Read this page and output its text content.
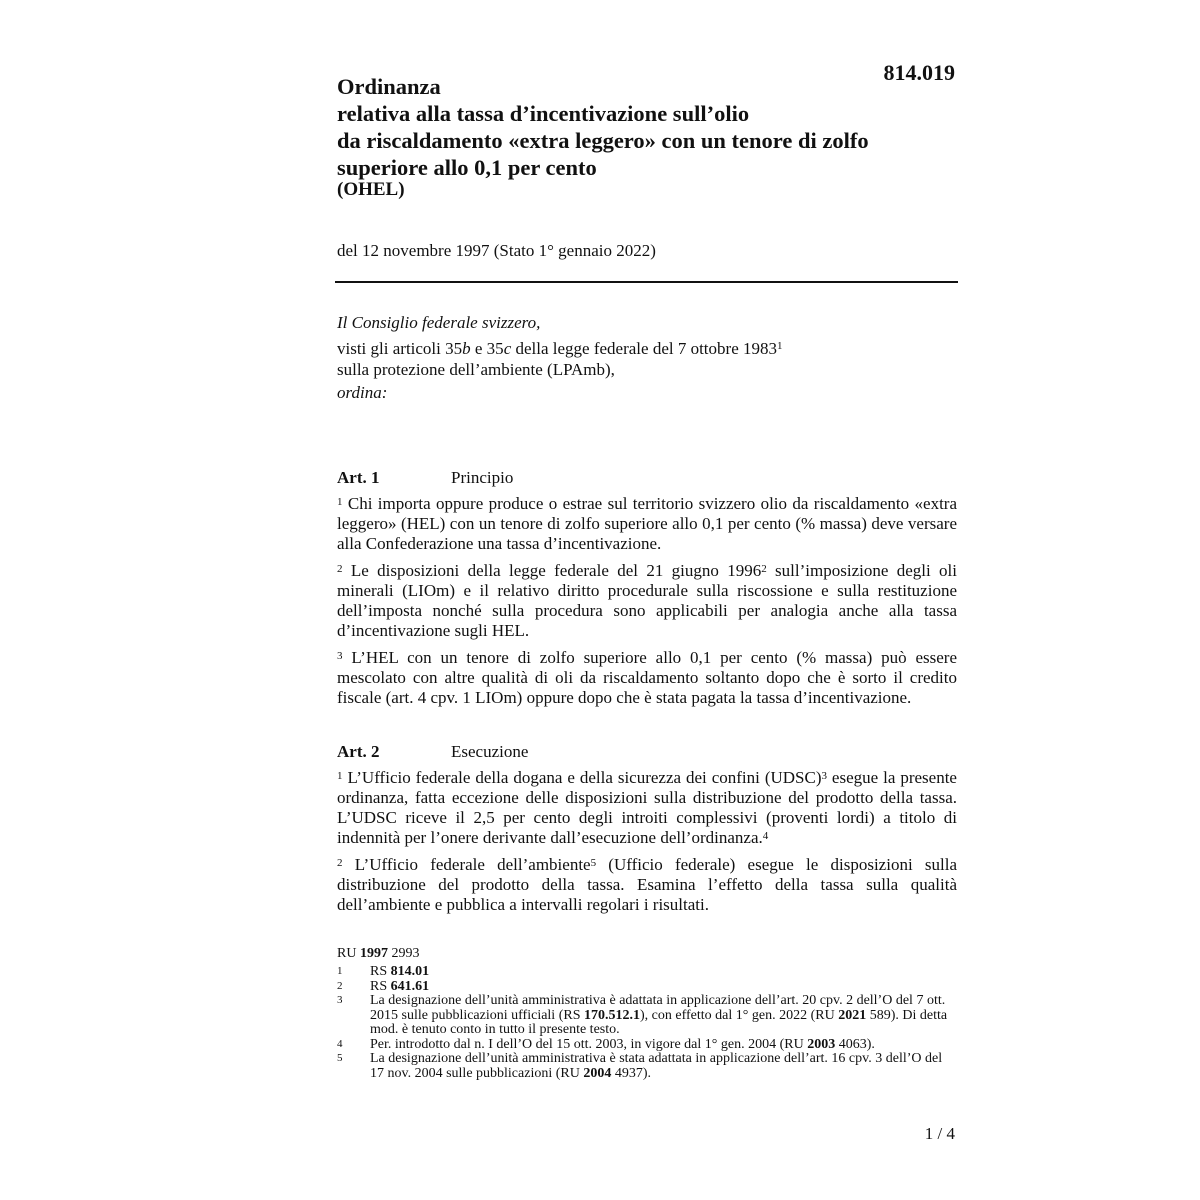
814.019
Ordinanza
relativa alla tassa d’incentivazione sull’olio
da riscaldamento «extra leggero» con un tenore di zolfo
superiore allo 0,1 per cento
(OHEL)
del 12 novembre 1997 (Stato 1° gennaio 2022)
Il Consiglio federale svizzero,
visti gli articoli 35b e 35c della legge federale del 7 ottobre 1983$^1$
sulla protezione dell’ambiente (LPAmb),
ordina:
Art. 1	Principio
$^1$ Chi importa oppure produce o estrae sul territorio svizzero olio da riscaldamento «extra leggero» (HEL) con un tenore di zolfo superiore allo 0,1 per cento (% massa) deve versare alla Confederazione una tassa d’incentivazione.
$^2$ Le disposizioni della legge federale del 21 giugno 1996$^2$ sull’imposizione degli oli minerali (LIOm) e il relativo diritto procedurale sulla riscossione e sulla restituzione dell’imposta nonché sulla procedura sono applicabili per analogia anche alla tassa d’incentivazione sugli HEL.
$^3$ L’HEL con un tenore di zolfo superiore allo 0,1 per cento (% massa) può essere mescolato con altre qualità di oli da riscaldamento soltanto dopo che è sorto il credito fiscale (art. 4 cpv. 1 LIOm) oppure dopo che è stata pagata la tassa d’incentivazione.
Art. 2	Esecuzione
$^1$ L’Ufficio federale della dogana e della sicurezza dei confini (UDSC)$^3$ esegue la presente ordinanza, fatta eccezione delle disposizioni sulla distribuzione del prodotto della tassa. L’UDSC riceve il 2,5 per cento degli introiti complessivi (proventi lordi) a titolo di indennità per l’onere derivante dall’esecuzione dell’ordinanza.$^4$
$^2$ L’Ufficio federale dell’ambiente$^5$ (Ufficio federale) esegue le disposizioni sulla distribuzione del prodotto della tassa. Esamina l’effetto della tassa sulla qualità dell’ambiente e pubblica a intervalli regolari i risultati.
RU 1997 2993
1	RS 814.01
2	RS 641.61
3	La designazione dell’unità amministrativa è adattata in applicazione dell’art. 20 cpv. 2 dell’O del 7 ott. 2015 sulle pubblicazioni ufficiali (RS 170.512.1), con effetto dal 1° gen. 2022 (RU 2021 589). Di detta mod. è tenuto conto in tutto il presente testo.
4	Per. introdotto dal n. I dell’O del 15 ott. 2003, in vigore dal 1° gen. 2004 (RU 2003 4063).
5	La designazione dell’unità amministrativa è stata adattata in applicazione dell’art. 16 cpv. 3 dell’O del 17 nov. 2004 sulle pubblicazioni (RU 2004 4937).
1 / 4
